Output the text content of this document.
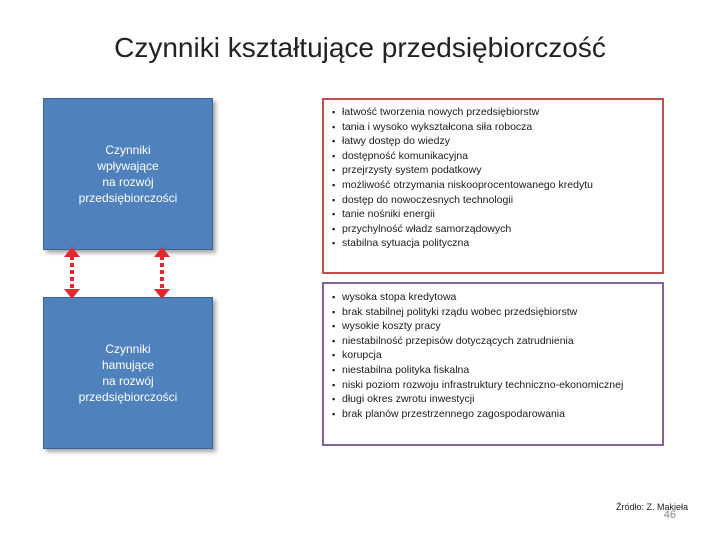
Czynniki kształtujące przedsiębiorczość
Czynniki
wpływające
na rozwój
przedsiębiorczości
Czynniki
hamujące
na rozwój
przedsiębiorczości
▪ łatwość tworzenia nowych przedsiębiorstw
▪ tania i wysoko wykształcona siła robocza
▪ łatwy dostęp do wiedzy
▪ dostępność komunikacyjna
▪ przejrzysty system podatkowy
▪ możliwość otrzymania niskooprocentowanego kredytu
▪ dostęp do nowoczesnych technologii
▪ tanie nośniki energii
▪ przychylność władz samorządowych
▪ stabilna sytuacja polityczna
▪ wysoka stopa kredytowa
▪ brak stabilnej polityki rządu wobec przedsiębiorstw
▪ wysokie koszty pracy
▪ niestabilność przepisów dotyczących zatrudnienia
▪ korupcja
▪ niestabilna polityka fiskalna
▪ niski poziom rozwoju infrastruktury techniczno-ekonomicznej
▪ długi okres zwrotu inwestycji
▪ brak planów przestrzennego zagospodarowania
Źródło: Z. Makieła
46
